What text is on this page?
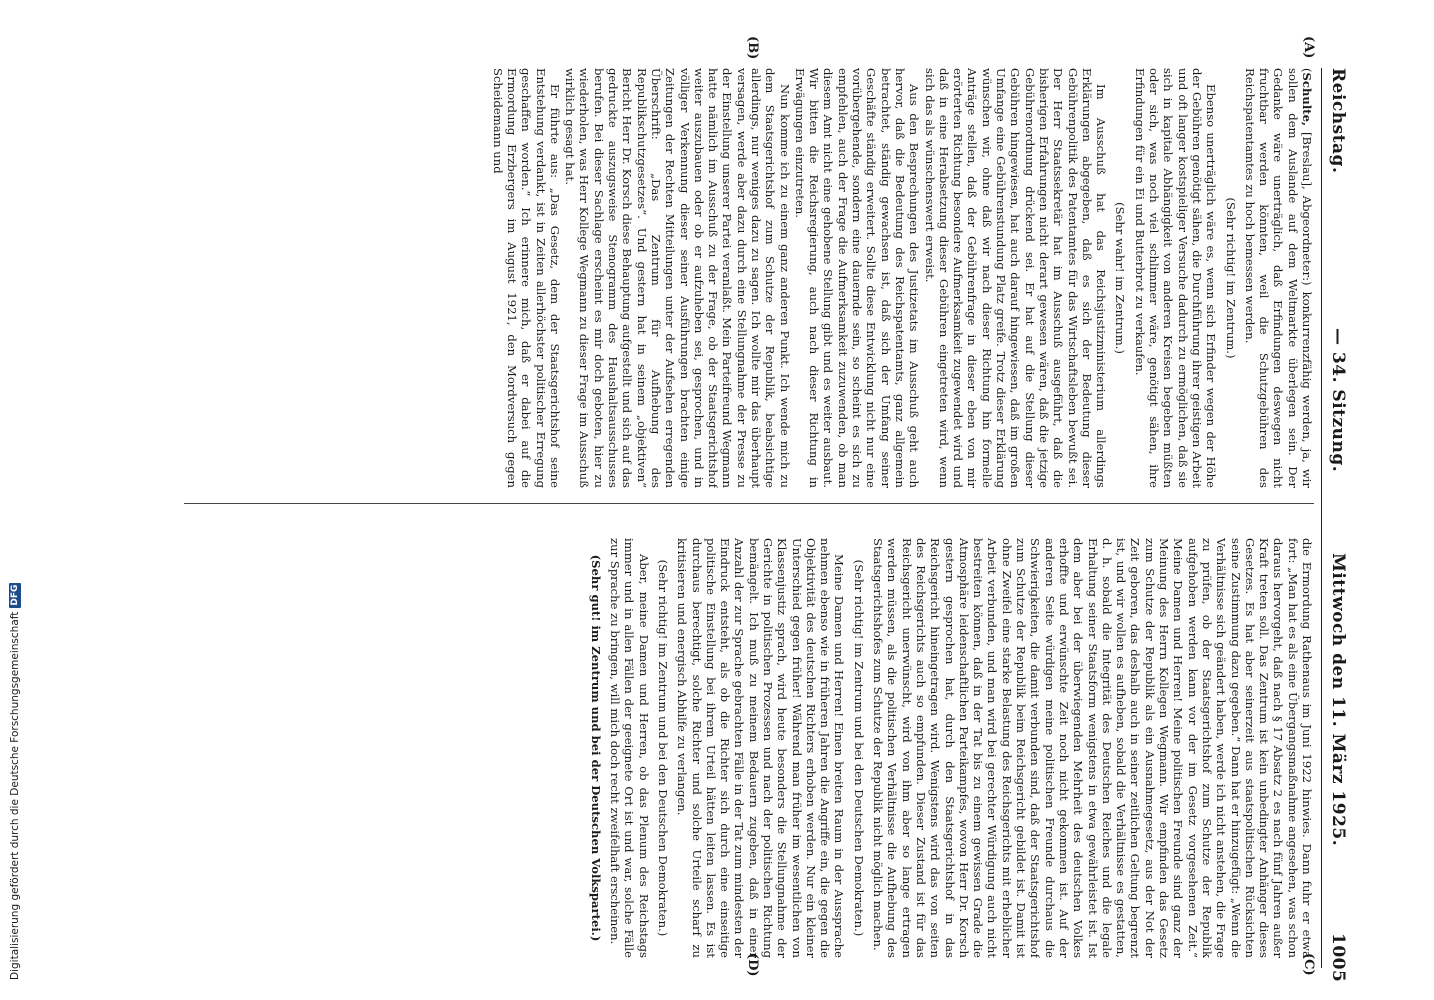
Digitalisierung gefördert durch die Deutsche Forschungsgemeinschaft
DFG
Reichstag.
— 34. Sitzung.
Mittwoch den 11. März 1925.
1005
(A)
(B)
(C)
(D)

(Schulte, [Breslau], Abgeordneter:) konkurrenzfähig werden, ja, wir sollen dem Auslande auf dem Weltmarkte überlegen sein. Der Gedanke wäre unerträglich, daß Erfindungen deswegen nicht fruchtbar werden könnten, weil die Schutzgebühren des Reichspatentamtes zu hoch bemessen werden.

(Sehr richtig! im Zentrum.)

Ebenso unerträglich wäre es, wenn sich Erfinder wegen der Höhe der Gebühren genötigt sähen, die Durchführung ihrer geistigen Arbeit und oft langer kostspieliger Versuche dadurch zu ermöglichen, daß sie sich in kapitale Abhängigkeit von anderen Kreisen begeben müßten oder sich, was noch viel schlimmer wäre, genötigt sähen, ihre Erfindungen für ein Ei und Butterbrot zu verkaufen.

(Sehr wahr! im Zentrum.)

Im Ausschuß hat das Reichsjustizministerium allerdings Erklärungen abgegeben, daß es sich der Bedeutung dieser Gebührenpolitik des Patentamtes für das Wirtschaftsleben bewußt sei. Der Herr Staatssekretär hat im Ausschuß ausgeführt, daß die bisherigen Erfahrungen nicht derart gewesen wären, daß die jetzige Gebührenordnung drückend sei. Er hat auf die Stellung dieser Gebühren hingewiesen, hat auch darauf hingewiesen, daß im großen Umfange eine Gebührenstundung Platz greife. Trotz dieser Erklärung wünschen wir, ohne daß wir nach dieser Richtung hin formelle Anträge stellen, daß der Gebührenfrage in dieser eben von mir erörterten Richtung besondere Aufmerksamkeit zugewendet wird und daß in eine Herabsetzung dieser Gebühren eingetreten wird, wenn sich das als wünschenswert erweist.

Aus den Besprechungen des Justizetats im Ausschuß geht auch hervor, daß die Bedeutung des Reichspatentamts, ganz allgemein betrachtet, ständig gewachsen ist, daß sich der Umfang seiner Geschäfte ständig erweitert. Sollte diese Entwicklung nicht nur eine vorübergehende, sondern eine dauernde sein, so scheint es sich zu empfehlen, auch der Frage die Aufmerksamkeit zuzuwenden, ob man diesem Amt nicht eine gehobene Stellung gibt und es weiter ausbaut. Wir bitten die Reichsregierung, auch nach dieser Richtung in Erwägungen einzutreten.

Nun komme ich zu einem ganz anderen Punkt. Ich wende mich zu dem Staatsgerichtshof zum Schutze der Republik, beabsichtige allerdings, nur weniges dazu zu sagen. Ich wollte mir das überhaupt versagen, werde aber dazu durch eine Stellungnahme der Presse zu der Einstellung unserer Partei veranlaßt. Mein Parteifreund Wegmann hatte nämlich im Ausschuß zu der Frage, ob der Staatsgerichtshof weiter auszubauen oder ob er aufzuheben sei, gesprochen, und in völliger Verkennung dieser seiner Ausführungen brachten einige Zeitungen der Rechten Mitteilungen unter der Aufsehen erregenden Überschrift: „Das Zentrum für Aufhebung des Republikschutzgesetzes“. Und gestern hat in seinem „objektiven“ Bericht Herr Dr. Korsch diese Behauptung aufgestellt und sich auf das gedruckte auszugsweise Stenogramm des Haushaltsausschusses berufen. Bei dieser Sachlage erscheint es mir doch geboten, hier zu wiederholen, was Herr Kollege Wegmann zu dieser Frage im Ausschuß wirklich gesagt hat.

Er führte aus: „Das Gesetz, dem der Staatsgerichtshof seine Entstehung verdankt, ist in Zeiten allerhöchster politischer Erregung geschaffen worden.“ Ich erinnere mich, daß er dabei auf die Ermordung Erzbergers im August 1921, den Mordversuch gegen Scheidemann und

die Ermordung Rathenaus im Juni 1922 hinwies. Dann fuhr er etwa fort: „Man hat es als eine Übergangsmaßnahme angesehen, was schon daraus hervorgeht, daß nach § 17 Absatz 2 es nach fünf Jahren außer Kraft treten soll. Das Zentrum ist kein unbedingter Anhänger dieses Gesetzes. Es hat aber seinerzeit aus staatspolitischen Rücksichten seine Zustimmung dazu gegeben.“ Dann hat er hinzugefügt: „Wenn die Verhältnisse sich geändert haben, werde ich nicht anstehen, die Frage zu prüfen, ob der Staatsgerichtshof zum Schutze der Republik aufgehoben werden kann vor der im Gesetz vorgesehenen Zeit.“ Meine Damen und Herren! Meine politischen Freunde sind ganz der Meinung des Herrn Kollegen Wegmann. Wir empfinden das Gesetz zum Schutze der Republik als ein Ausnahmegesetz, aus der Not der Zeit geboren, das deshalb auch in seiner zeitlichen Geltung begrenzt ist, und wir wollen es aufheben, sobald die Verhältnisse es gestatten, d. h. sobald die Integrität des Deutschen Reiches und die legale Erhaltung seiner Staatsform wenigstens in etwa gewährleistet ist. Ist dem aber bei der überwiegenden Mehrheit des deutschen Volkes erhoffte und erwünschte Zeit noch nicht gekommen ist. Auf der anderen Seite würdigen meine politischen Freunde durchaus die Schwierigkeiten, die damit verbunden sind, daß der Staatsgerichtshof zum Schutze der Republik beim Reichsgericht gebildet ist. Damit ist ohne Zweifel eine starke Belastung des Reichsgerichts mit erheblicher Arbeit verbunden, und man wird bei gerechter Würdigung auch nicht bestreiten können, daß in der Tat bis zu einem gewissen Grade die Atmosphäre leidenschaftlichen Parteikampfes, wovon Herr Dr. Korsch gestern gesprochen hat, durch den Staatsgerichtshof in das Reichsgericht hineingetragen wird. Wenigstens wird das von seiten des Reichsgerichts auch so empfunden. Dieser Zustand ist für das Reichsgericht unerwünscht, wird von ihm aber so lange ertragen werden müssen, als die politischen Verhältnisse die Aufhebung des Staatsgerichtshofes zum Schutze der Republik nicht möglich machen.

(Sehr richtig! im Zentrum und bei den Deutschen Demokraten.)

Meine Damen und Herren! Einen breiten Raum in der Aussprache nehmen ebenso wie in früheren Jahren die Angriffe ein, die gegen die Objektivität des deutschen Richters erhoben werden. Nur ein kleiner Unterschied gegen früher! Während man früher im wesentlichen von Klassenjustiz sprach, wird heute besonders die Stellungnahme der Gerichte in politischen Prozessen und nach der politischen Richtung bemängelt. Ich muß zu meinem Bedauern zugeben, daß in einer Anzahl der zur Sprache gebrachten Fälle in der Tat zum mindesten der Eindruck entsteht, als ob die Richter sich durch eine einseitige politische Einstellung bei ihrem Urteil hätten leiten lassen. Es ist durchaus berechtigt, solche Richter und solche Urteile scharf zu kritisieren und energisch Abhilfe zu verlangen.

(Sehr richtig! im Zentrum und bei den Deutschen Demokraten.)

Aber, meine Damen und Herren, ob das Plenum des Reichstags immer und in allen Fällen der geeignete Ort ist und war, solche Fälle zur Sprache zu bringen, will mich doch recht zweifelhaft erscheinen.

(Sehr gut! im Zentrum und bei der Deutschen Volkspartei.)
